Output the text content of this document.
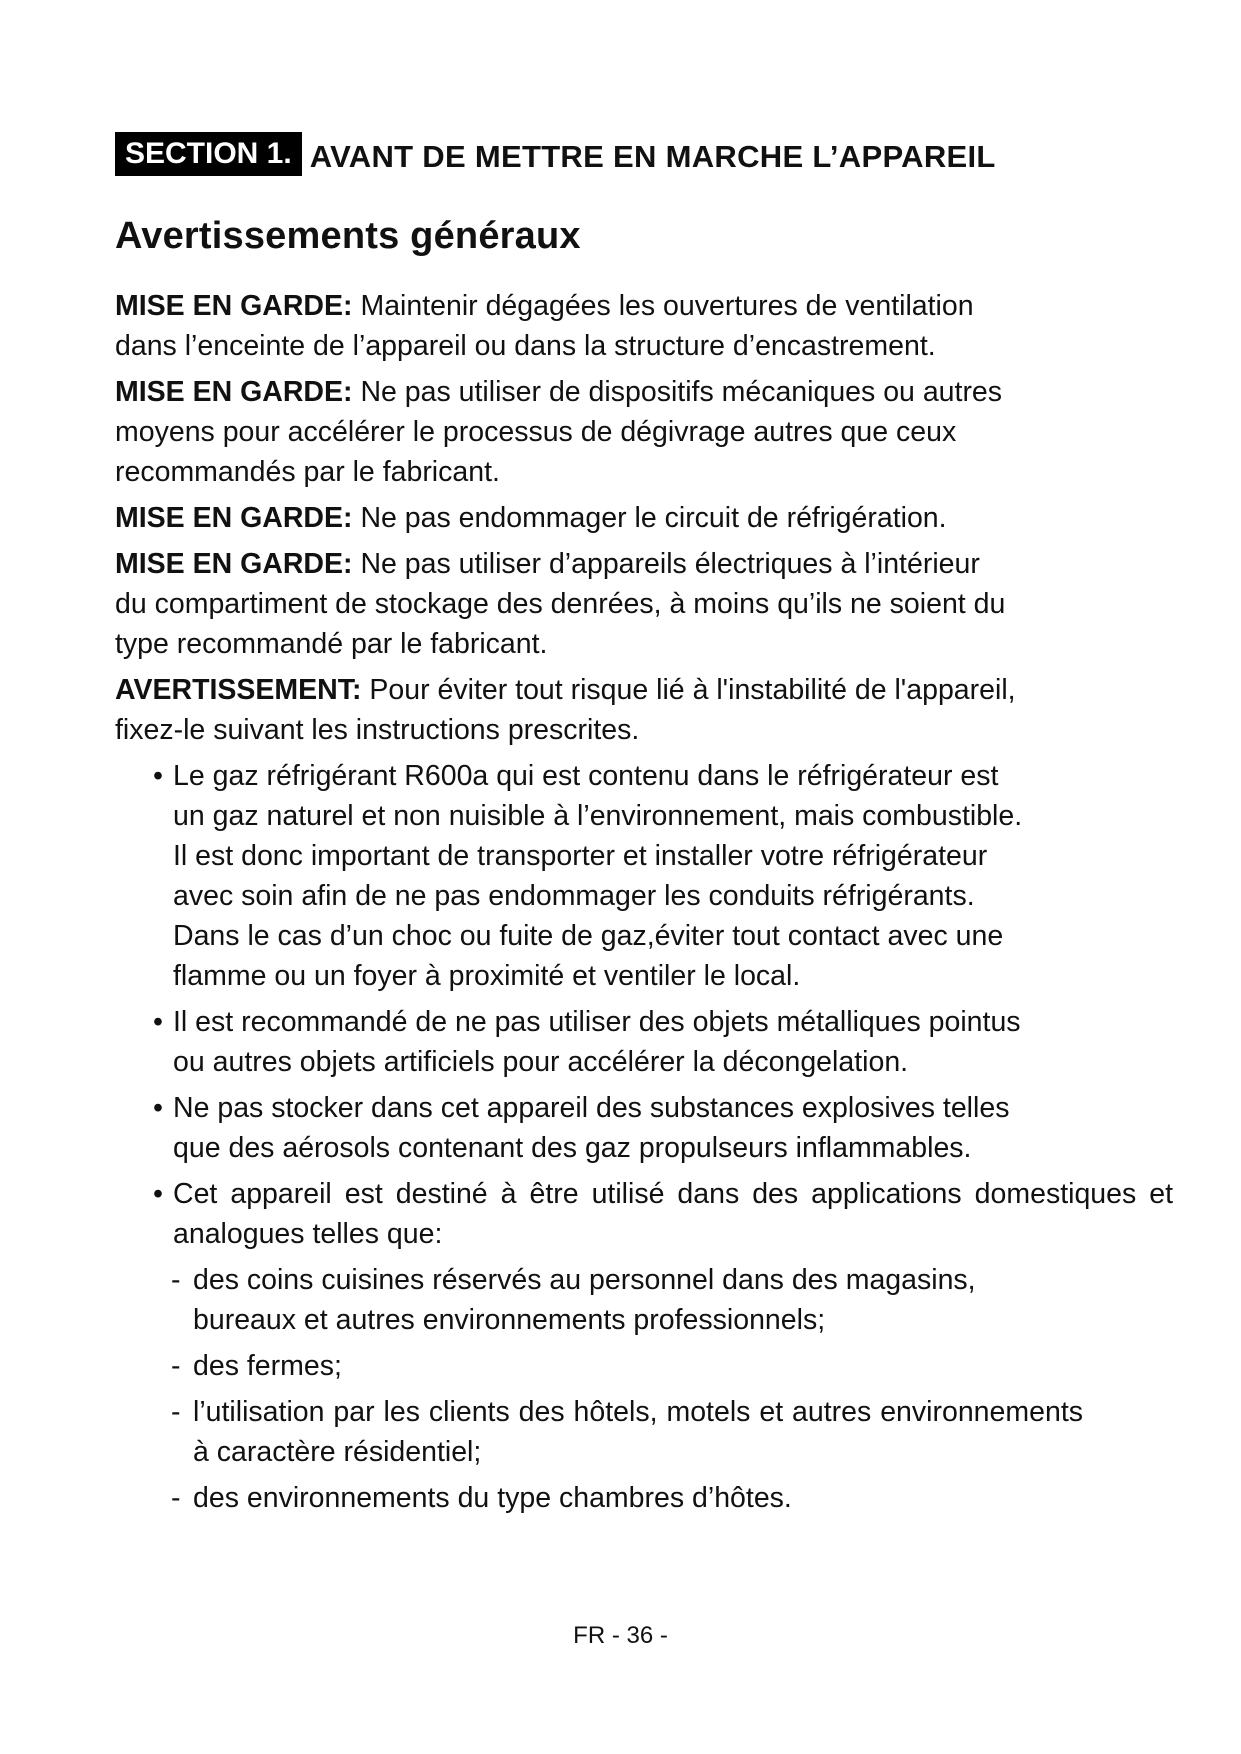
SECTION 1. AVANT DE METTRE EN MARCHE L’APPAREIL
Avertissements généraux

MISE EN GARDE: Maintenir dégagées les ouvertures de ventilation
dans l’enceinte de l’appareil ou dans la structure d’encastrement.

MISE EN GARDE: Ne pas utiliser de dispositifs mécaniques ou autres
moyens pour accélérer le processus de dégivrage autres que ceux
recommandés par le fabricant.

MISE EN GARDE: Ne pas endommager le circuit de réfrigération.

MISE EN GARDE: Ne pas utiliser d’appareils électriques à l’intérieur
du compartiment de stockage des denrées, à moins qu’ils ne soient du
type recommandé par le fabricant.

AVERTISSEMENT: Pour éviter tout risque lié à l'instabilité de l'appareil,
fixez-le suivant les instructions prescrites.

• Le gaz réfrigérant R600a qui est contenu dans le réfrigérateur est
un gaz naturel et non nuisible à l’environnement, mais combustible.
Il est donc important de transporter et installer votre réfrigérateur
avec soin afin de ne pas endommager les conduits réfrigérants.
Dans le cas d’un choc ou fuite de gaz,éviter tout contact avec une
flamme ou un foyer à proximité et ventiler le local.
• Il est recommandé de ne pas utiliser des objets métalliques pointus
ou autres objets artificiels pour accélérer la décongelation.
• Ne pas stocker dans cet appareil des substances explosives telles
que des aérosols contenant des gaz propulseurs inflammables.
• Cet appareil est destiné à être utilisé dans des applications domestiques et analogues telles que:
- des coins cuisines réservés au personnel dans des magasins,
bureaux et autres environnements professionnels;
- des fermes;
- l’utilisation par les clients des hôtels, motels et autres environnements à caractère résidentiel;
- des environnements du type chambres d’hôtes.
FR - 36 -
